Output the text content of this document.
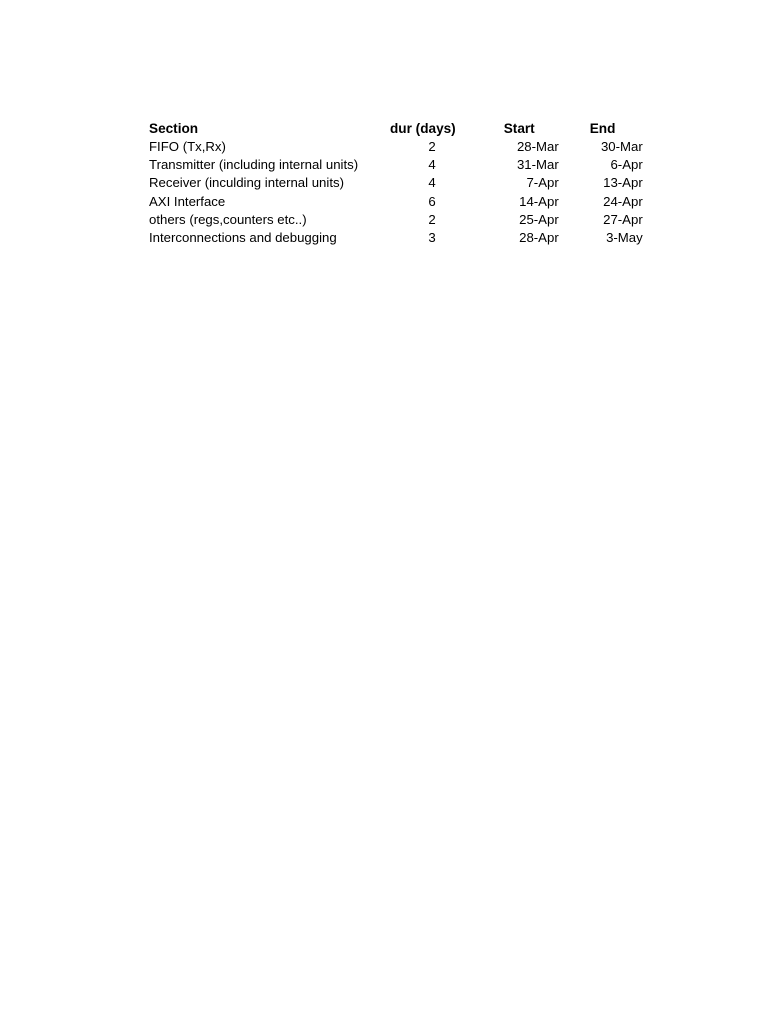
Section	dur (days)	Start	End
FIFO (Tx,Rx)	2	28-Mar	30-Mar
Transmitter (including internal units)	4	31-Mar	6-Apr
Receiver (inculding internal units)	4	7-Apr	13-Apr
AXI Interface	6	14-Apr	24-Apr
others (regs,counters etc..)	2	25-Apr	27-Apr
Interconnections and debugging	3	28-Apr	3-May
